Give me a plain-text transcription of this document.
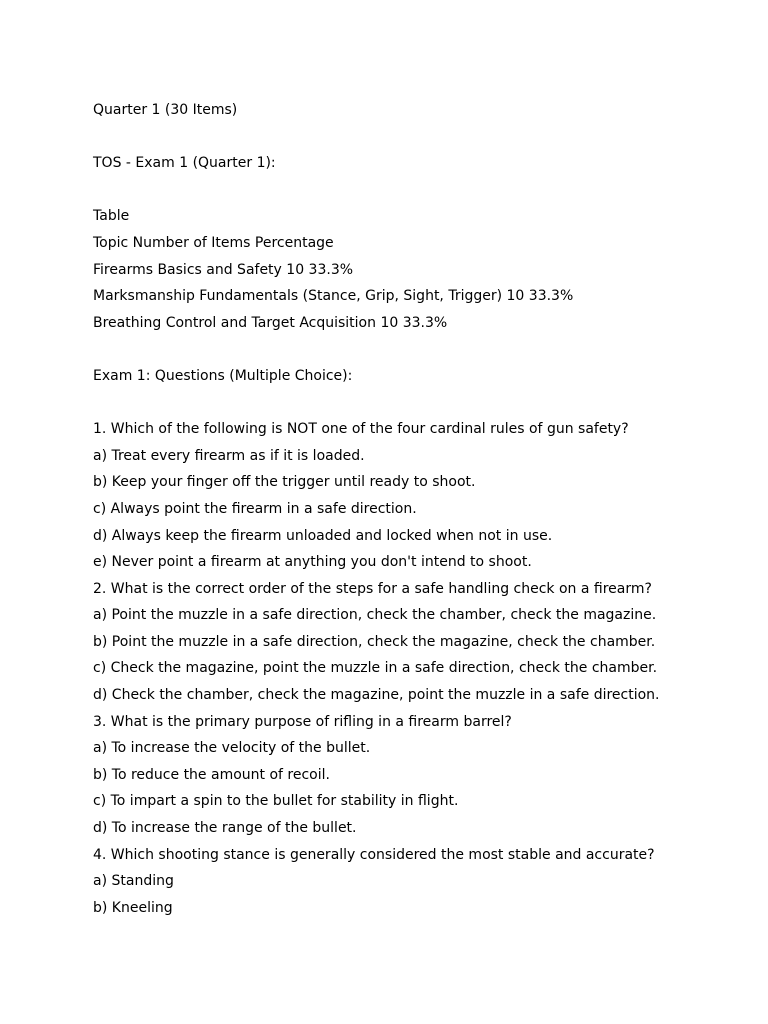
Quarter 1 (30 Items)
TOS - Exam 1 (Quarter 1):
Table
Topic Number of Items Percentage
Firearms Basics and Safety 10 33.3%
Marksmanship Fundamentals (Stance, Grip, Sight, Trigger) 10 33.3%
Breathing Control and Target Acquisition 10 33.3%
Exam 1: Questions (Multiple Choice):
1. Which of the following is NOT one of the four cardinal rules of gun safety?
a) Treat every firearm as if it is loaded.
b) Keep your finger off the trigger until ready to shoot.
c) Always point the firearm in a safe direction.
d) Always keep the firearm unloaded and locked when not in use.
e) Never point a firearm at anything you don't intend to shoot.
2. What is the correct order of the steps for a safe handling check on a firearm?
a) Point the muzzle in a safe direction, check the chamber, check the magazine.
b) Point the muzzle in a safe direction, check the magazine, check the chamber.
c) Check the magazine, point the muzzle in a safe direction, check the chamber.
d) Check the chamber, check the magazine, point the muzzle in a safe direction.
3. What is the primary purpose of rifling in a firearm barrel?
a) To increase the velocity of the bullet.
b) To reduce the amount of recoil.
c) To impart a spin to the bullet for stability in flight.
d) To increase the range of the bullet.
4. Which shooting stance is generally considered the most stable and accurate?
a) Standing
b) Kneeling
